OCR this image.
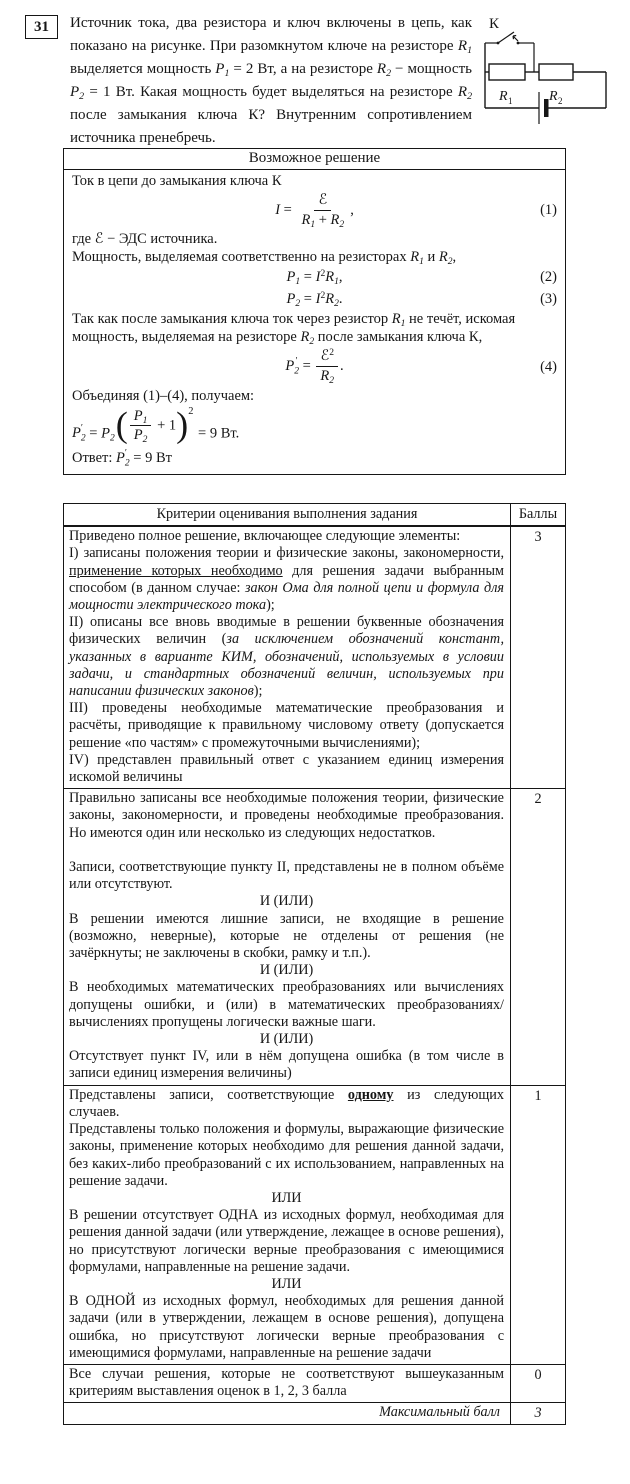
31	Источник тока, два резистора и ключ включены в цепь, как показано на рисунке. При разомкнутом ключе на резисторе R1 выделяется мощность P1 = 2 Вт, а на резисторе R2 − мощность P2 = 1 Вт. Какая мощность будет выделяться на резисторе R2 после замыкания ключа К? Внутренним сопротивлением источника пренебречь.
К
R 1	R 2
Возможное решение
Ток в цепи до замыкания ключа К
$I = \frac{\text{ℰ}}{R1 + R2}$ ,	(1)
где ℰ − ЭДС источника.
Мощность, выделяемая соответственно на резисторах R1 и R2,
$P1 = I^2R1$,	(2)
$P2 = I^2R2$.	(3)
Так как после замыкания ключа ток через резистор R1 не течёт, искомая мощность, выделяемая на резисторе R2 после замыкания ключа К,
P ′
$2 = \frac{ℰ^2}{R2}$ .	(4)
Объединяя (1)–(4), получаем:
P ′
2 = P2 ( $\frac{P1}{P2} + 1$ ) 2
= 9 Вт.
Ответ: P ′
2 = 9 Вт
Критерии оценивания выполнения задания	Баллы
Приведено полное решение, включающее следующие элементы:
I) записаны положения теории и физические законы, закономерности, применение которых необходимо для решения задачи выбранным способом (в данном случае: закон Ома для полной цепи и формула для мощности электрического тока);
II) описаны все вновь вводимые в решении буквенные обозначения физических величин (за исключением обозначений констант, указанных в варианте КИМ, обозначений, используемых в условии задачи, и стандартных обозначений величин, используемых при написании физических законов);
III) проведены необходимые математические преобразования и расчёты, приводящие к правильному числовому ответу (допускается решение «по частям» с промежуточными вычислениями);
IV) представлен правильный ответ с указанием единиц измерения искомой величины
3
Правильно записаны все необходимые положения теории, физические законы, закономерности, и проведены необходимые преобразования. Но имеются один или несколько из следующих недостатков.
Записи, соответствующие пункту II, представлены не в полном объёме или отсутствуют.
И (ИЛИ)
В решении имеются лишние записи, не входящие в решение (возможно, неверные), которые не отделены от решения (не зачёркнуты; не заключены в скобки, рамку и т.п.).
И (ИЛИ)
В необходимых математических преобразованиях или вычислениях допущены ошибки, и (или) в математических преобразованиях/вычислениях пропущены логически важные шаги.
И (ИЛИ)
Отсутствует пункт IV, или в нём допущена ошибка (в том числе в записи единиц измерения величины)
2
Представлены записи, соответствующие одному из следующих случаев.
Представлены только положения и формулы, выражающие физические законы, применение которых необходимо для решения данной задачи, без каких-либо преобразований с их использованием, направленных на решение задачи.
ИЛИ
В решении отсутствует ОДНА из исходных формул, необходимая для решения данной задачи (или утверждение, лежащее в основе решения), но присутствуют логически верные преобразования с имеющимися формулами, направленные на решение задачи.
ИЛИ
В ОДНОЙ из исходных формул, необходимых для решения данной задачи (или в утверждении, лежащем в основе решения), допущена ошибка, но присутствуют логически верные преобразования с имеющимися формулами, направленные на решение задачи
1
Все случаи решения, которые не соответствуют вышеуказанным критериям выставления оценок в 1, 2, 3 балла
0
Максимальный балл	3
